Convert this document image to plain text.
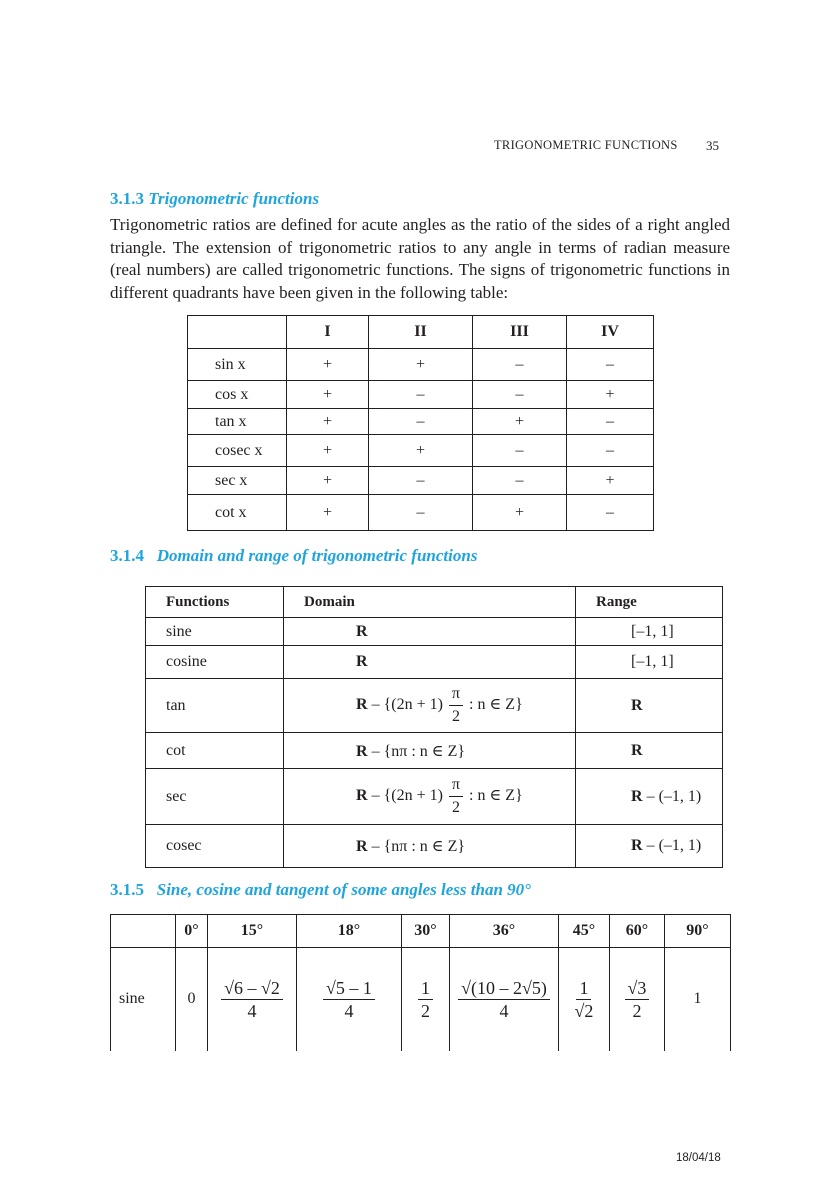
TRIGONOMETRIC FUNCTIONS 35
3.1.3 Trigonometric functions
Trigonometric ratios are defined for acute angles as the ratio of the sides of a right angled triangle. The extension of trigonometric ratios to any angle in terms of radian measure (real numbers) are called trigonometric functions. The signs of trigonometric functions in different quadrants have been given in the following table:
	I	II	III	IV
sin x	+	+	–	–
cos x	+	–	–	+
tan x	+	–	+	–
cosec x	+	+	–	–
sec x	+	–	–	+
cot x	+	–	+	–
3.1.4 Domain and range of trigonometric functions
Functions	Domain	Range
sine	R	[–1, 1]
cosine	R	[–1, 1]
tan	$R - \{(2n + 1) \frac{\pi}{2}$ : n ∈ Z}	R
cot	R – {nπ : n ∈ Z}	R
sec	$R - \{(2n + 1) \frac{\pi}{2}$ : n ∈ Z}	R – (–1, 1)
cosec	R – {nπ : n ∈ Z}	R – (–1, 1)
3.1.5 Sine, cosine and tangent of some angles less than 90°
	0°	15°	18°	30°	36°	45°	60°	90°
sine	0	$\frac{√6 - √2}{4}$	$\frac{√5 - 1}{4}$	$\frac{1}{2}$	$\frac{√(10 - 2√5)}{4}$	$\frac{1}{√2}$	$\frac{√3}{2}$	1
18/04/18
